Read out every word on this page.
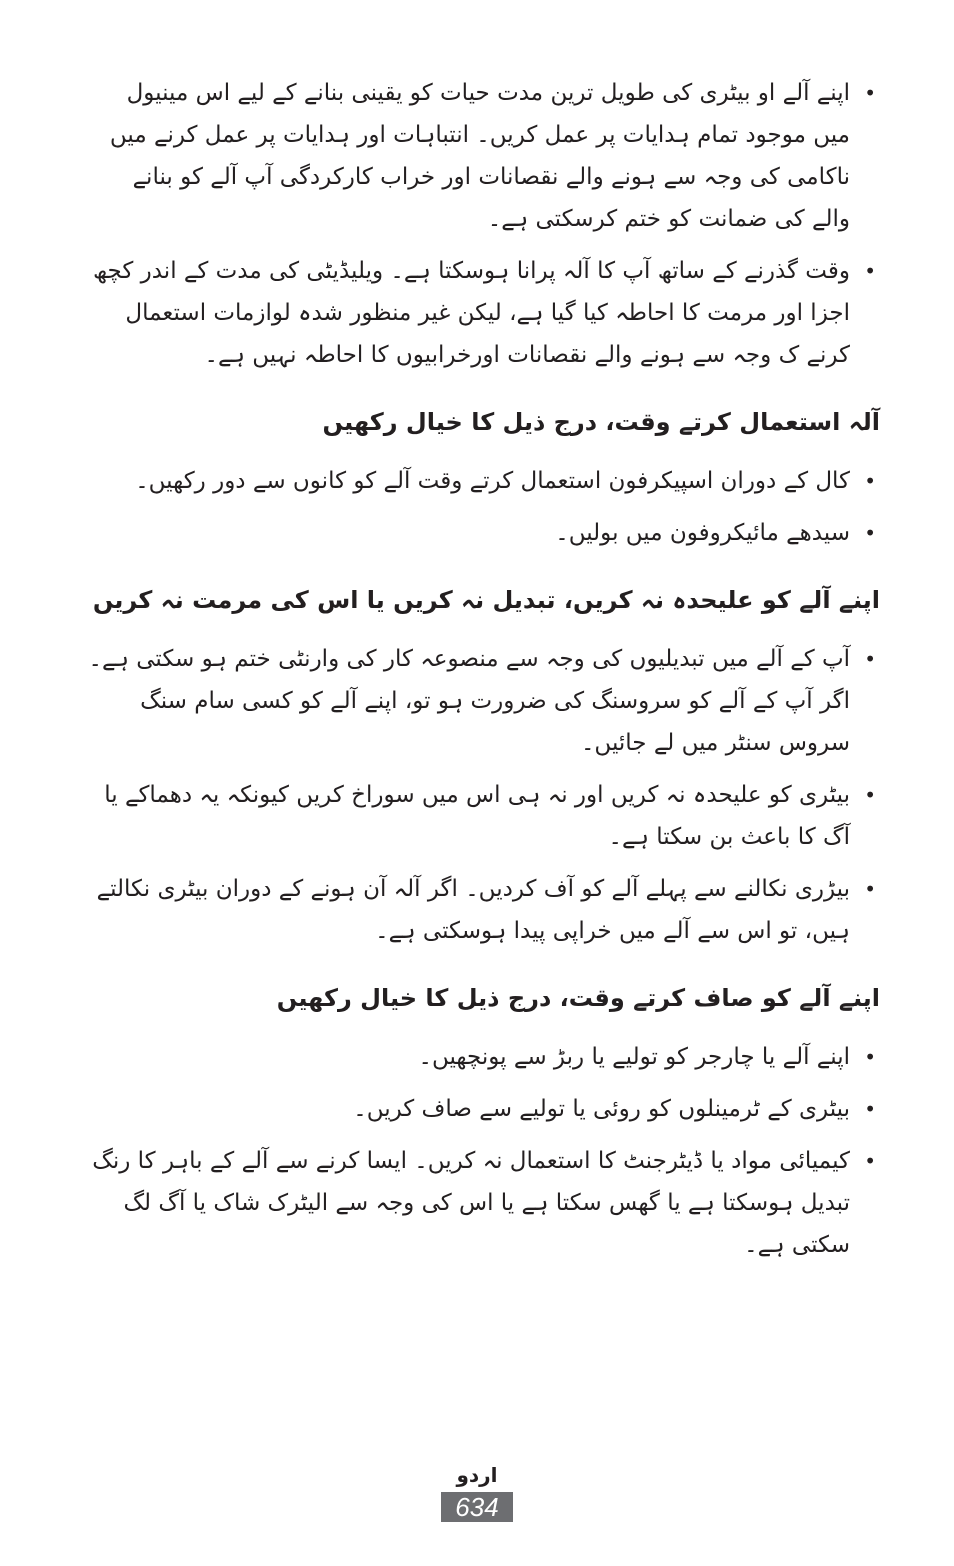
•
اپنے آلے او بیٹری کی طویل ترین مدت حیات کو یقینی بنانے کے لیے اس مینیول میں موجود تمام ہدایات پر عمل کریں۔ انتباہات اور ہدایات پر عمل کرنے میں ناکامی کی وجہ سے ہونے والے نقصانات اور خراب کارکردگی آپ آلے کو بنانے والے کی ضمانت کو ختم کرسکتی ہے۔
•
وقت گذرنے کے ساتھ آپ کا آلہ پرانا ہوسکتا ہے۔ ویلیڈیٹی کی مدت کے اندر کچھ اجزا اور مرمت کا احاطہ کیا گیا ہے، لیکن غیر منظور شدہ لوازمات استعمال کرنے ک وجہ سے ہونے والے نقصانات اورخرابیوں کا احاطہ نہیں ہے۔
آلہ استعمال کرتے وقت، درج ذیل کا خیال رکھیں
•
کال کے دوران اسپیکرفون استعمال کرتے وقت آلے کو کانوں سے دور رکھیں۔
•
سیدھے مائیکروفون میں بولیں۔
اپنے آلے کو علیحدہ نہ کریں، تبدیل نہ کریں یا اس کی مرمت نہ کریں
•
آپ کے آلے میں تبدیلیوں کی وجہ سے منصوعہ کار کی وارنٹی ختم ہو سکتی ہے۔ اگر آپ کے آلے کو سروسنگ کی ضرورت ہو تو، اپنے آلے کو کسی سام سنگ سروس سنٹر میں لے جائیں۔
•
بیٹری کو علیحدہ نہ کریں اور نہ ہی اس میں سوراخ کریں کیونکہ یہ دھماکے یا آگ کا باعث بن سکتا ہے۔
•
بیڑری نکالنے سے پہلے آلے کو آف کردیں۔ اگر آلہ آن ہونے کے دوران بیٹری نکالتے ہیں، تو اس سے آلے میں خراپی پیدا ہوسکتی ہے۔
اپنے آلے کو صاف کرتے وقت، درج ذیل کا خیال رکھیں
•
اپنے آلے یا چارجر کو تولیے یا ربڑ سے پونچھیں۔
•
بیٹری کے ٹرمینلوں کو روئی یا تولیے سے صاف کریں۔
•
کیمیائی مواد یا ڈیٹرجنٹ کا استعمال نہ کریں۔ ایسا کرنے سے آلے کے باہر کا رنگ تبدیل ہوسکتا ہے یا گھس سکتا ہے یا اس کی وجہ سے الیٹرک شاک یا آگ لگ سکتی ہے۔
اردو
634
